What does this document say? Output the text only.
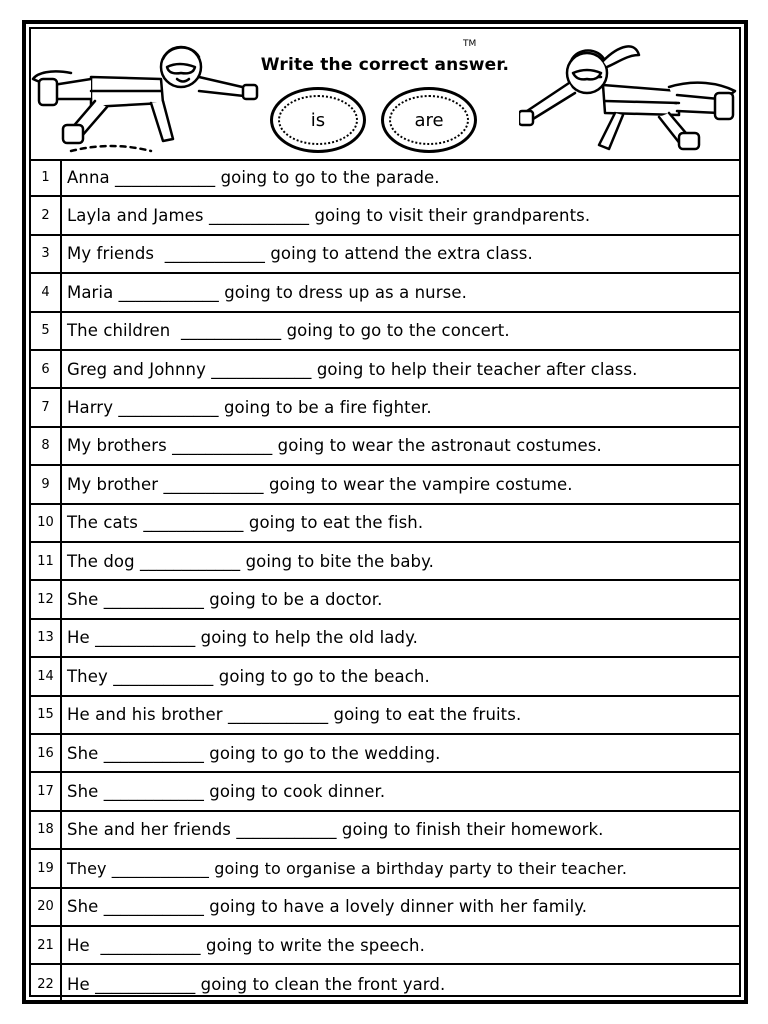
TM
Write the correct answer.
is	are
1	Anna ____________ going to go to the parade.
2	Layla and James ____________ going to visit their grandparents.
3	My friends  ____________ going to attend the extra class.
4	Maria ____________ going to dress up as a nurse.
5	The children  ____________ going to go to the concert.
6	Greg and Johnny ____________ going to help their teacher after class.
7	Harry ____________ going to be a fire fighter.
8	My brothers ____________ going to wear the astronaut costumes.
9	My brother ____________ going to wear the vampire costume.
10 The cats ____________ going to eat the fish.
11 The dog ____________ going to bite the baby.
12 She ____________ going to be a doctor.
13 He ____________ going to help the old lady.
14 They ____________ going to go to the beach.
15 He and his brother ____________ going to eat the fruits.
16 She ____________ going to go to the wedding.
17 She ____________ going to cook dinner.
18 She and her friends ____________ going to finish their homework.
19 They ____________ going to organise a birthday party to their teacher.
20 She ____________ going to have a lovely dinner with her family.
21 He  ____________ going to write the speech.
22 He ____________ going to clean the front yard.
